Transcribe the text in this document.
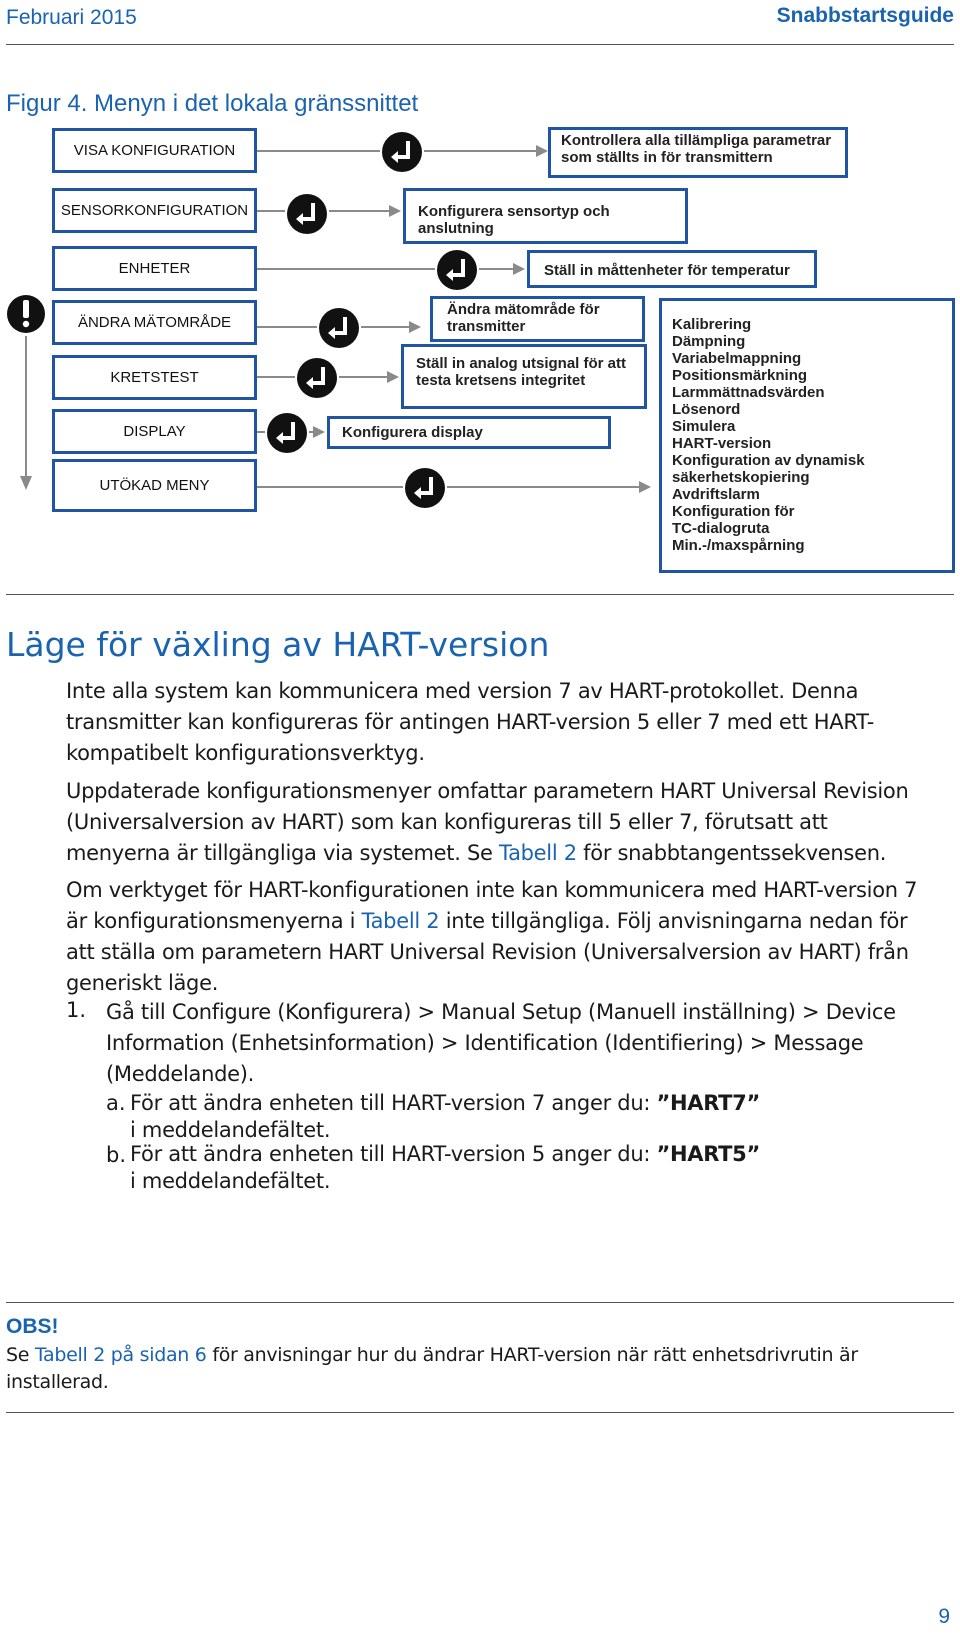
Februari 2015	Snabbstartsguide
Figur 4. Menyn i det lokala gränssnittet
VISA KONFIGURATION
SENSORKONFIGURATION
ENHETER
ÄNDRA MÄTOMRÅDE
KRETSTEST
DISPLAY
UTÖKAD MENY
Kontrollera alla tillämpliga parametrar
som ställts in för transmittern
Konfigurera sensortyp och
anslutning
Ställ in måttenheter för temperatur
Ändra mätområde för
transmitter
Ställ in analog utsignal för att
testa kretsens integritet
Konfigurera display
Kalibrering
Dämpning
Variabelmappning
Positionsmärkning
Larmmättnadsvärden
Lösenord
Simulera
HART-version
Konfiguration av dynamisk
säkerhetskopiering
Avdriftslarm
Konfiguration för
TC-dialogruta
Min.-/maxspårning
Läge för växling av HART-version
Inte alla system kan kommunicera med version 7 av HART-protokollet. Denna transmitter kan konfigureras för antingen HART-version 5 eller 7 med ett HART-kompatibelt konfigurationsverktyg.
Uppdaterade konfigurationsmenyer omfattar parametern HART Universal Revision (Universalversion av HART) som kan konfigureras till 5 eller 7, förutsatt att menyerna är tillgängliga via systemet. Se Tabell 2 för snabbtangentssekvensen.
Om verktyget för HART-konfigurationen inte kan kommunicera med HART-version 7 är konfigurationsmenyerna i Tabell 2 inte tillgängliga. Följ anvisningarna nedan för att ställa om parametern HART Universal Revision (Universalversion av HART) från generiskt läge.
1. Gå till Configure (Konfigurera) > Manual Setup (Manuell inställning) > Device Information (Enhetsinformation) > Identification (Identifiering) > Message (Meddelande).
a. För att ändra enheten till HART-version 7 anger du: ”HART7”
i meddelandefältet.
b. För att ändra enheten till HART-version 5 anger du: ”HART5”
i meddelandefältet.
OBS!
Se Tabell 2 på sidan 6 för anvisningar hur du ändrar HART-version när rätt enhetsdrivrutin är installerad.
9
